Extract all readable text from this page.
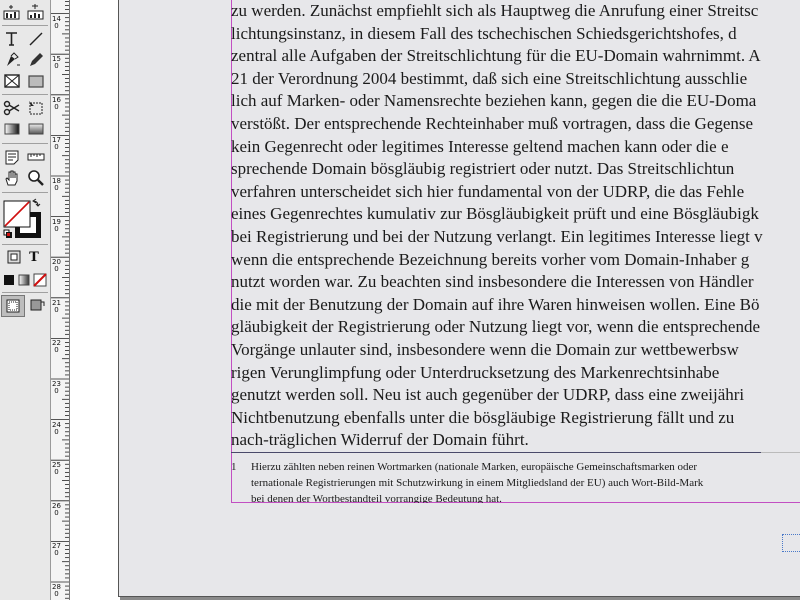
T
140
150
160
170
180
190
200
210
220
230
240
250
260
270
280
zu werden. Zunächst empfiehlt sich als Hauptweg die Anrufung einer Streitsc
lichtungsinstanz, in diesem Fall des tschechischen Schiedsgerichtshofes, d
zentral alle Aufgaben der Streitschlichtung für die EU-Domain wahrnimmt. A
21 der Verordnung 2004 bestimmt, daß sich eine Streitschlichtung ausschlie
lich auf Marken- oder Namensrechte beziehen kann, gegen die die EU-Doma
verstößt. Der entsprechende Rechteinhaber muß vortragen, dass die Gegense
kein Gegenrecht oder legitimes Interesse geltend machen kann oder die e
sprechende Domain bösgläubig registriert oder nutzt. Das Streitschlichtun
verfahren unterscheidet sich hier fundamental von der UDRP, die das Fehle
eines Gegenrechtes kumulativ zur Bösgläubigkeit prüft und eine Bösgläubigk
bei Registrierung und bei der Nutzung verlangt. Ein legitimes Interesse liegt v
wenn die entsprechende Bezeichnung bereits vorher vom Domain-Inhaber g
nutzt worden war. Zu beachten sind insbesondere die Interessen von Händler
die mit der Benutzung der Domain auf ihre Waren hinweisen wollen. Eine Bö
gläubigkeit der Registrierung oder Nutzung liegt vor, wenn die entsprechende
Vorgänge unlauter sind, insbesondere wenn die Domain zur wettbewerbsw
rigen Verunglimpfung oder Unterdrucksetzung des Markenrechtsinhabe
genutzt werden soll. Neu ist auch gegenüber der UDRP, dass eine zweijähri
Nichtbenutzung ebenfalls unter die bösgläubige Registrierung fällt und zu
nach-träglichen Widerruf der Domain führt.
1 Hierzu zählten neben reinen Wortmarken (nationale Marken, europäische Gemeinschaftsmarken oder
ternationale Registrierungen mit Schutzwirkung in einem Mitgliedsland der EU) auch Wort-Bild-Mark
bei denen der Wortbestandteil vorrangige Bedeutung hat.
